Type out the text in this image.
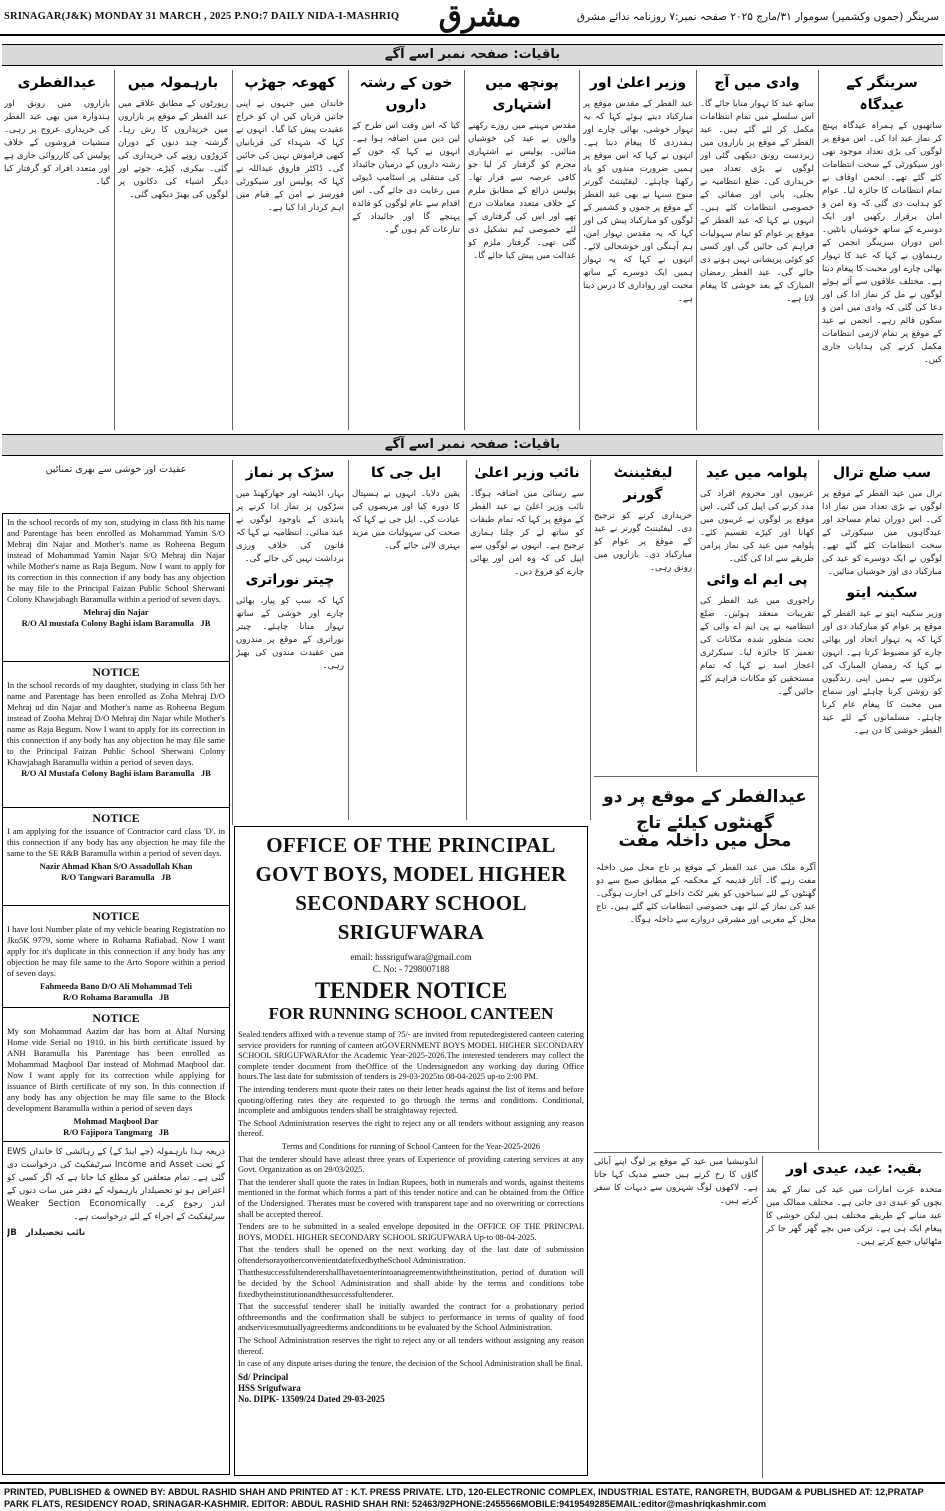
SRINAGAR(J&K) MONDAY 31 MARCH , 2025 P.NO:7 DAILY NIDA-I-MASHRIQ مشرق	سرینگر (جموں وکشمیر) سوموار ۳۱/مارچ ۲۰۲۵ صفحہ نمبر:۷ روزنامہ ندائے مشرق
باقیات: صفحہ نمبر اسے آگے
سرینگر کے عیدگاہ

ساتھیوں کے ہمراہ عیدگاہ پہنچ کر نماز عید ادا کی۔ اس موقع پر لوگوں کی بڑی تعداد موجود تھی اور سیکورٹی کے سخت انتظامات کئے گئے تھے۔ انجمن اوقاف نے تمام انتظامات کا جائزہ لیا۔ عوام کو ہدایت دی گئی کہ وہ امن و امان برقرار رکھیں اور ایک دوسرے کے ساتھ خوشیاں بانٹیں۔ اس دوران سرینگر انجمن کے رہنماؤں نے کہا کہ عید کا تہوار بھائی چارے اور محبت کا پیغام دیتا ہے۔ مختلف علاقوں سے آئے ہوئے لوگوں نے مل کر نماز ادا کی اور دعا کی گئی کہ وادی میں امن و سکون قائم رہے۔ انجمن نے عید کے موقع پر تمام لازمی انتظامات مکمل کرنے کی ہدایات جاری کیں۔

وادی میں آج

ساتھ عید کا تہوار منایا جائے گا۔ اس سلسلے میں تمام انتظامات مکمل کر لئے گئے ہیں۔ عید الفطر کے موقع پر بازاروں میں زبردست رونق دیکھی گئی اور لوگوں نے بڑی تعداد میں خریداری کی۔ ضلع انتظامیہ نے بجلی، پانی اور صفائی کے خصوصی انتظامات کئے ہیں۔ انہوں نے کہا کہ عید الفطر کے موقع پر عوام کو تمام سہولیات فراہم کی جائیں گی اور کسی کو کوئی پریشانی نہیں ہونے دی جائے گی۔ عید الفطر رمضان المبارک کے بعد خوشی کا پیغام لاتا ہے۔

وزیر اعلیٰ اور

عید الفطر کے مقدس موقع پر مبارکباد دیتے ہوئے کہا کہ یہ تہوار خوشی، بھائی چارے اور ہمدردی کا پیغام دیتا ہے۔ انہوں نے کہا کہ اس موقع پر ہمیں ضرورت مندوں کو یاد رکھنا چاہئے۔ لیفٹیننٹ گورنر منوج سنہا نے بھی عید الفطر کے موقع پر جموں و کشمیر کے لوگوں کو مبارکباد پیش کی اور کہا کہ یہ مقدس تہوار امن، ہم آہنگی اور خوشحالی لائے۔ انہوں نے کہا کہ یہ تہوار ہمیں ایک دوسرے کے ساتھ محبت اور رواداری کا درس دیتا ہے۔

پونچھ میں اشتہاری

مقدس مہینے میں روزے رکھنے والوں نے عید کی خوشیاں منائیں۔ پولیس نے اشتہاری مجرم کو گرفتار کر لیا جو کافی عرصہ سے فرار تھا۔ پولیس ذرائع کے مطابق ملزم کے خلاف متعدد معاملات درج تھے اور اس کی گرفتاری کے لئے خصوصی ٹیم تشکیل دی گئی تھی۔ گرفتار ملزم کو عدالت میں پیش کیا جائے گا۔

خون کے رشتہ داروں

کیا کہ اس وقت اس طرح کے لین دین میں اضافہ ہوا ہے۔ انہوں نے کہا کہ خون کے رشتہ داروں کے درمیان جائیداد کی منتقلی پر اسٹامپ ڈیوٹی میں رعایت دی جائے گی۔ اس اقدام سے عام لوگوں کو فائدہ پہنچے گا اور جائیداد کے تنازعات کم ہوں گے۔

کھوعہ جھڑپ

خاندان میں جنہوں نے اپنی جانیں قربان کیں ان کو خراج عقیدت پیش کیا گیا۔ انہوں نے کہا کہ شہداء کی قربانیاں کبھی فراموش نہیں کی جائیں گی۔ ڈاکٹر فاروق عبداللہ نے کہا کہ پولیس اور سیکورٹی فورسز نے امن کے قیام میں اہم کردار ادا کیا ہے۔

بارہمولہ میں

رپورٹوں کے مطابق علاقے میں عید الفطر کے موقع پر بازاروں میں خریداروں کا رش رہا۔ گزشتہ چند دنوں کے دوران کروڑوں روپے کی خریداری کی گئی۔ بیکری، کپڑے، جوتے اور دیگر اشیاء کی دکانوں پر لوگوں کی بھیڑ دیکھی گئی۔

عیدالفطری

بازاروں میں رونق اور ہندوارہ میں بھی عید الفطر کی خریداری عروج پر رہی۔ منشیات فروشوں کے خلاف پولیس کی کارروائی جاری ہے اور متعدد افراد کو گرفتار کیا گیا۔

باقیات: صفحہ نمبر اسے آگے
سب ضلع ترال

ترال میں عید الفطر کے موقع پر لوگوں نے بڑی تعداد میں نماز ادا کی۔ اس دوران تمام مساجد اور عیدگاہوں میں سیکورٹی کے سخت انتظامات کئے گئے تھے۔ لوگوں نے ایک دوسرے کو عید کی مبارکباد دی اور خوشیاں منائیں۔

سکینہ ایتو

وزیر سکینہ ایتو نے عید الفطر کے موقع پر عوام کو مبارکباد دی اور کہا کہ یہ تہوار اتحاد اور بھائی چارے کو مضبوط کرتا ہے۔ انہوں نے کہا کہ رمضان المبارک کی برکتوں سے ہمیں اپنی زندگیوں کو روشن کرنا چاہئے اور سماج میں محبت کا پیغام عام کرنا چاہئے۔ مسلمانوں کے لئے عید الفطر خوشی کا دن ہے۔

پلوامہ میں عید

عربیوں اور محروم افراد کی مدد کرنے کی اپیل کی گئی۔ اس موقع پر لوگوں نے غریبوں میں کھانا اور کپڑے تقسیم کئے۔ پلوامہ میں عید کی نماز پرامن طریقے سے ادا کی گئی۔

پی ایم اے وائی

راجوری میں عید الفطر کی تقریبات منعقد ہوئیں۔ ضلع انتظامیہ نے پی ایم اے وائی کے تحت منظور شدہ مکانات کی تعمیر کا جائزہ لیا۔ سیکرٹری اعجاز اسد نے کہا کہ تمام مستحقین کو مکانات فراہم کئے جائیں گے۔

لیفٹیننٹ گورنر

خریداری کرنے کو ترجیح دی۔ لیفٹیننٹ گورنر نے عید کے موقع پر عوام کو مبارکباد دی۔ بازاروں میں رونق رہی۔

نائب وزیر اعلیٰ

سے رسائی میں اضافہ ہوگا۔ نائب وزیر اعلیٰ نے عید الفطر کے موقع پر کہا کہ تمام طبقات کو ساتھ لے کر چلنا ہماری ترجیح ہے۔ انہوں نے لوگوں سے اپیل کی کہ وہ امن اور بھائی چارے کو فروغ دیں۔

ایل جی کا

یقین دلایا۔ انہوں نے ہسپتال کا دورہ کیا اور مریضوں کی عیادت کی۔ ایل جی نے کہا کہ صحت کی سہولیات میں مزید بہتری لائی جائے گی۔

سڑک پر نماز

بہار، اڈیشہ اور جھارکھنڈ میں سڑکوں پر نماز ادا کرنے پر پابندی کے باوجود لوگوں نے عید منائی۔ انتظامیہ نے کہا کہ قانون کی خلاف ورزی برداشت نہیں کی جائے گی۔

چیتر نوراتری

کہا کہ سب کو پیار، بھائی چارے اور خوشی کے ساتھ تہوار منانا چاہئے۔ چیتر نوراتری کے موقع پر مندروں میں عقیدت مندوں کی بھیڑ رہی۔

عقیدت اور خوشی سے بھری تمنائیں
In the school records of my son, studying in class 8th his name and Parentage has been enrolled as Mohammad Yamin S/O Mehraj din Najar and Mother's name as Roheena Begum instead of Mohammad Yamin Najar S/O Mehraj din Najar while Mother's name as Raja Begum. Now I want to apply for its correction in this connection if any body has any objection he may file to the Principal Faizan Public School Sherwani Colony Khawjabagh Baramulla within a period of seven days.
Mehraj din Najar
R/O Al mustafa Colony Baghi islam Baramulla JB
NOTICE
In the school records of my daughter, studying in class 5th her name and Parentage has been enrolled as Zoha Mehraj D/O Mehraj ud din Najar and Mother's name as Roheena Begum instead of Zooha Mehraj D/O Mehraj din Najar while Mother's name as Raja Begum. Now I want to apply for its correction in this connection if any body has any objection he may file same to the Principal Faizan Public School Sherwani Colony Khawjabagh Baramulla within a period of seven days.
R/O Al Mustafa Colony Baghi islam Baramulla JB
NOTICE
I am applying for the issuance of Contractor card class 'D'. in this connection if any body has any objection he may file the same to the SE R&B Baramulla within a period of seven days.
Nazir Ahmad Khan S/O Assadullah Khan
R/O Tangwari Baramulla JB
NOTICE
I have lost Number plate of my vehicle bearing Registration no Jko5K 9779, some where in Rohama Rafiabad. Now I want apply for it's duplicate in this connection if any body has any objection he may file same to the Arto Sopore within a period of seven days.
Fahmeeda Bano D/O Ali Mohammad Teli
R/O Rohama Baramulla JB
NOTICE
My son Mohammad Aazim dar has born at Altaf Nursing Home vide Serial no 1910. in his birth certificate issued by ANH Baramulla his Parentage has been enrolled as Mohammad Maqbool Dar instead of Mohmad Maqbool dar. Now I want apply for its correction while applying for issuance of Birth certificate of my son. In this connection if any body has any objection he may file same to the Block development Baramulla within a period of seven days
Mohmad Maqbool Dar
R/O Fajipora Tangmarg JB

ذریعہ ہذا بارہمولہ (جے اینڈ کے) کے رہائشی کا خاندان EWS کے تحت Income and Asset سرٹیفکیٹ کی درخواست دی گئی ہے۔ تمام متعلقین کو مطلع کیا جاتا ہے کہ اگر کسی کو اعتراض ہو تو تحصیلدار بارہمولہ کے دفتر میں سات دنوں کے اندر رجوع کرے۔ Weaker Section Economically سرٹیفکیٹ کے اجراء کے لئے درخواست ہے۔

نائب تحصیلدار   JB

OFFICE OF THE PRINCIPAL GOVT BOYS, MODEL HIGHER SECONDARY SCHOOL SRIGUFWARA
email: hsssrigufwara@gmail.com
C. No: - 7298007188
TENDER NOTICE
FOR RUNNING SCHOOL CANTEEN

Sealed tenders affixed with a revenue stamp of ?5/- are invited from reputedregistered canteen catering service providers for running of canteen atGOVERNMENT BOYS MODEL HIGHER SECONDARY SCHOOL SRIGUFWARAfor the Academic Year-2025-2026.The interested tenderers may collect the complete tender document from theOffice of the Undersignedon any working day during Office hours.The last date for submission of tenders is 29-03-2025to 08-04-2025 up-to 2:00 PM.

The intending tenderers must quote their rates on their letter heads against the list of items and before quoting/offering rates they are requested to go through the terms and conditions. Conditional, incomplete and ambiguous tenders shall be straightaway rejected.

The School Administration reserves the right to reject any or all tenders without assigning any reason thereof.

Terms and Conditions for running of School Canteen for the Year-2025-2026

That the tenderer should have atleast three years of Experience of providing catering services at any Govt. Organization as on 29/03/2025.

That the tenderer shall quote the rates in Indian Rupees, both in numerals and words, against theitems mentioned in the format which forms a part of this tender notice and can be obtained from the Office of the Undersigned. Therates must be covered with transparent tape and no overwriting or corrections shall be accepted thereof.

Tenders are to be submitted in a sealed envelope deposited in the OFFICE OF THE PRINCPAL BOYS, MODEL HIGHER SECONDARY SCHOOL SRIGUFWARA Up-to 08-04-2025.

That the tenders shall be opened on the next working day of the last date of submission oftendersorayotherconvenientdatefixedbytheSchool Administration.

Thatthesuccessfultenderershallhavetoenterintoanagreementwiththeinstitution, period of duration will be decided by the School Administration and shall abide by the terms and conditions tobe fixedbytheinstitutionandthesuccessfultenderer.

That the successful tenderer shall be initially awarded the contract for a probationary period ofthreemonths and the confirmation shall be subject to performance in terms of quality of food andservicesmutuallyagreedterms andconditions to be evaluated by the School Administration.

The School Administration reserves the right to reject any or all tenders without assigning any reason thereof.

In case of any dispute arises during the tenure, the decision of the School Administration shall be final.

Sd/ Principal
HSS Srigufwara
No. DIPK- 13509/24 Dated 29-03-2025
عیدالفطر کے موقع پر دو گھنٹوں کیلئے تاج
محل میں داخلہ مفت

آگرہ ملک میں عید الفطر کے موقع پر تاج محل میں داخلہ مفت رہے گا۔ آثار قدیمہ کے محکمہ کے مطابق صبح سے دو گھنٹوں کے لئے سیاحوں کو بغیر ٹکٹ داخلے کی اجازت ہوگی۔ عید کی نماز کے لئے بھی خصوصی انتظامات کئے گئے ہیں۔ تاج محل کے مغربی اور مشرقی دروازے سے داخلہ ہوگا۔

بقیہ: عید، عیدی اور

متحدہ عرب امارات میں عید کی نماز کے بعد بچوں کو عیدی دی جاتی ہے۔ مختلف ممالک میں عید منانے کے طریقے مختلف ہیں لیکن خوشی کا پیغام ایک ہی ہے۔ ترکی میں بچے گھر گھر جا کر مٹھائیاں جمع کرتے ہیں۔

انڈونیشیا میں عید کے موقع پر لوگ اپنے آبائی گاؤں کا رخ کرتے ہیں جسے مدیک کہا جاتا ہے۔ لاکھوں لوگ شہروں سے دیہات کا سفر کرتے ہیں۔

PRINTED, PUBLISHED & OWNED BY: ABDUL RASHID SHAH AND PRINTED AT : K.T. PRESS PRIVATE. LTD, 120-ELECTRONIC COMPLEX, INDUSTRIAL ESTATE, RANGRETH, BUDGAM & PUBLISHED AT: 12,PRATAP PARK FLATS, RESIDENCY ROAD, SRINAGAR-KASHMIR. EDITOR: ABDUL RASHID SHAH RNI: 52463/92PHONE:2455566MOBILE:9419549285EMAIL:editor@mashriqkashmir.com
